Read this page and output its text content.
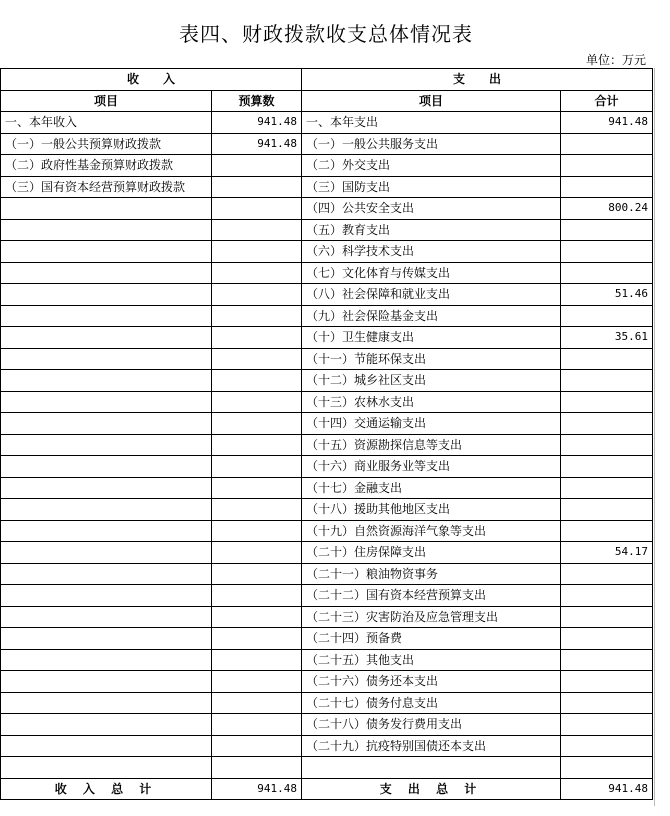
表四、财政拨款收支总体情况表
单位：万元
收　　入		支　　出	
项目	预算数	项目	合计
一、本年收入	941.48	一、本年支出	941.48
（一）一般公共预算财政拨款	941.48	（一）一般公共服务支出	
（二）政府性基金预算财政拨款		（二）外交支出	
（三）国有资本经营预算财政拨款		（三）国防支出	
		（四）公共安全支出	800.24
		（五）教育支出	
		（六）科学技术支出	
		（七）文化体育与传媒支出	
		（八）社会保障和就业支出	51.46
		（九）社会保险基金支出	
		（十）卫生健康支出	35.61
		（十一）节能环保支出	
		（十二）城乡社区支出	
		（十三）农林水支出	
		（十四）交通运输支出	
		（十五）资源勘探信息等支出	
		（十六）商业服务业等支出	
		（十七）金融支出	
		（十八）援助其他地区支出	
		（十九）自然资源海洋气象等支出	
		（二十）住房保障支出	54.17
		（二十一）粮油物资事务	
		（二十二）国有资本经营预算支出	
		（二十三）灾害防治及应急管理支出	
		（二十四）预备费	
		（二十五）其他支出	
		（二十六）债务还本支出	
		（二十七）债务付息支出	
		（二十八）债务发行费用支出	
		（二十九）抗疫特别国债还本支出	

收 入 总 计	941.48	支 出 总 计	941.48
